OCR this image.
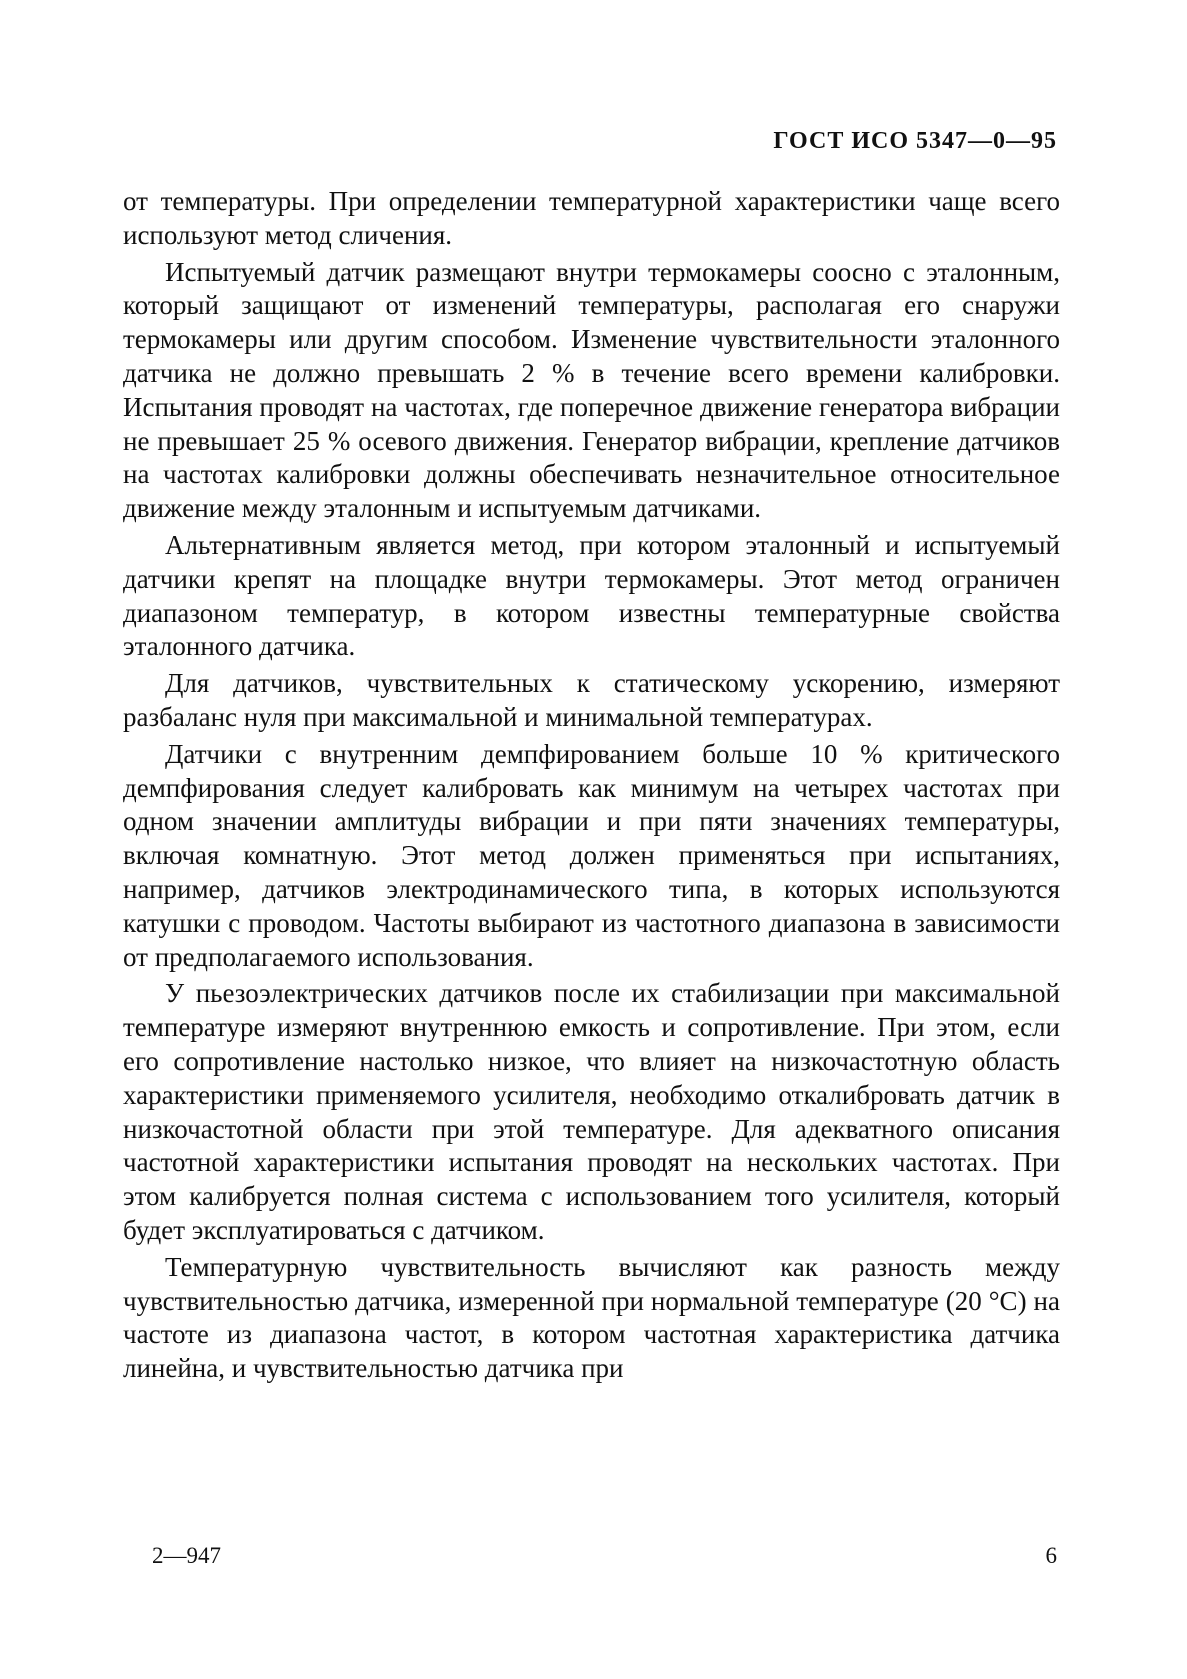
ГОСТ ИСО 5347—0—95

от температуры. При определении температурной характеристики чаще всего используют метод сличения.

Испытуемый датчик размещают внутри термокамеры соосно с эталонным, который защищают от изменений температуры, располагая его снаружи термокамеры или другим способом. Изменение чувствительности эталонного датчика не должно превышать 2 % в течение всего времени калибровки. Испытания проводят на частотах, где поперечное движение генератора вибрации не превышает 25 % осевого движения. Генератор вибрации, крепление датчиков на частотах калибровки должны обеспечивать незначительное относительное движение между эталонным и испытуемым датчиками.

Альтернативным является метод, при котором эталонный и испытуемый датчики крепят на площадке внутри термокамеры. Этот метод ограничен диапазоном температур, в котором известны температурные свойства эталонного датчика.

Для датчиков, чувствительных к статическому ускорению, измеряют разбаланс нуля при максимальной и минимальной температурах.

Датчики с внутренним демпфированием больше 10 % критического демпфирования следует калибровать как минимум на четырех частотах при одном значении амплитуды вибрации и при пяти значениях температуры, включая комнатную. Этот метод должен применяться при испытаниях, например, датчиков электродинамического типа, в которых используются катушки с проводом. Частоты выбирают из частотного диапазона в зависимости от предполагаемого использования.

У пьезоэлектрических датчиков после их стабилизации при максимальной температуре измеряют внутреннюю емкость и сопротивление. При этом, если его сопротивление настолько низкое, что влияет на низкочастотную область характеристики применяемого усилителя, необходимо откалибровать датчик в низкочастотной области при этой температуре. Для адекватного описания частотной характеристики испытания проводят на нескольких частотах. При этом калибруется полная система с использованием того усилителя, который будет эксплуатироваться с датчиком.

Температурную чувствительность вычисляют как разность между чувствительностью датчика, измеренной при нормальной температуре (20 °С) на частоте из диапазона частот, в котором частотная характеристика датчика линейна, и чувствительностью датчика при

2—947	6
